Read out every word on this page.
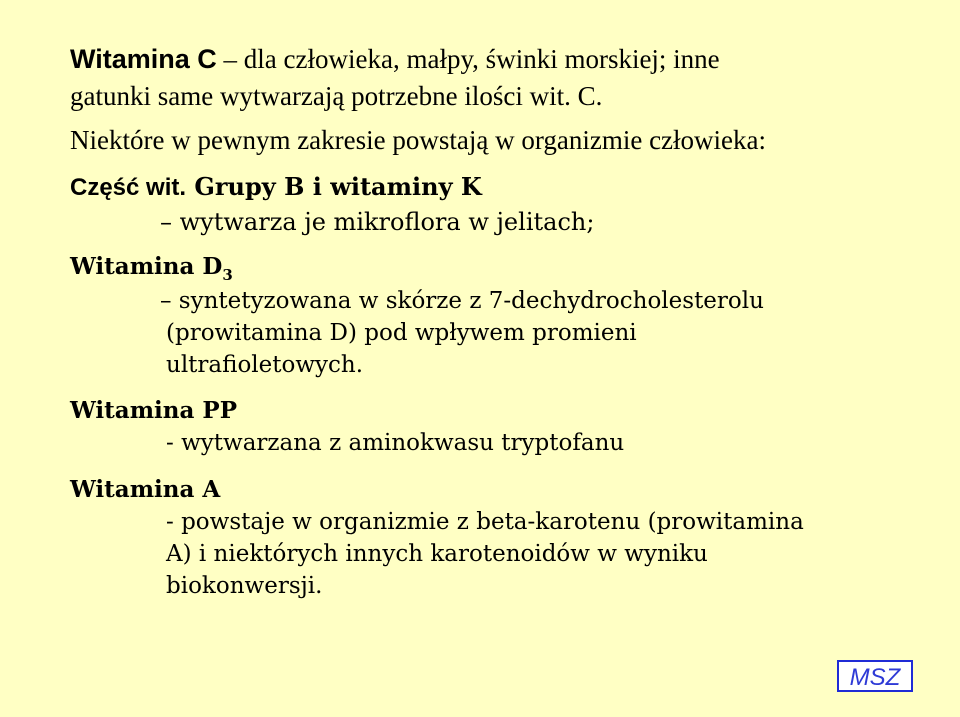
Witamina C – dla człowieka, małpy, świnki morskiej; inne
gatunki same wytwarzają potrzebne ilości wit. C.
Niektóre w pewnym zakresie powstają w organizmie człowieka:
Część wit. Grupy B i witaminy K
– wytwarza je mikroflora w jelitach;
Witamina $D_3$
– syntetyzowana w skórze z 7-dechydrocholesterolu
(prowitamina D) pod wpływem promieni
ultrafioletowych.
Witamina PP
- wytwarzana z aminokwasu tryptofanu
Witamina A
- powstaje w organizmie z beta-karotenu (prowitamina
A) i niektórych innych karotenoidów w wyniku
biokonwersji.
MSZ
